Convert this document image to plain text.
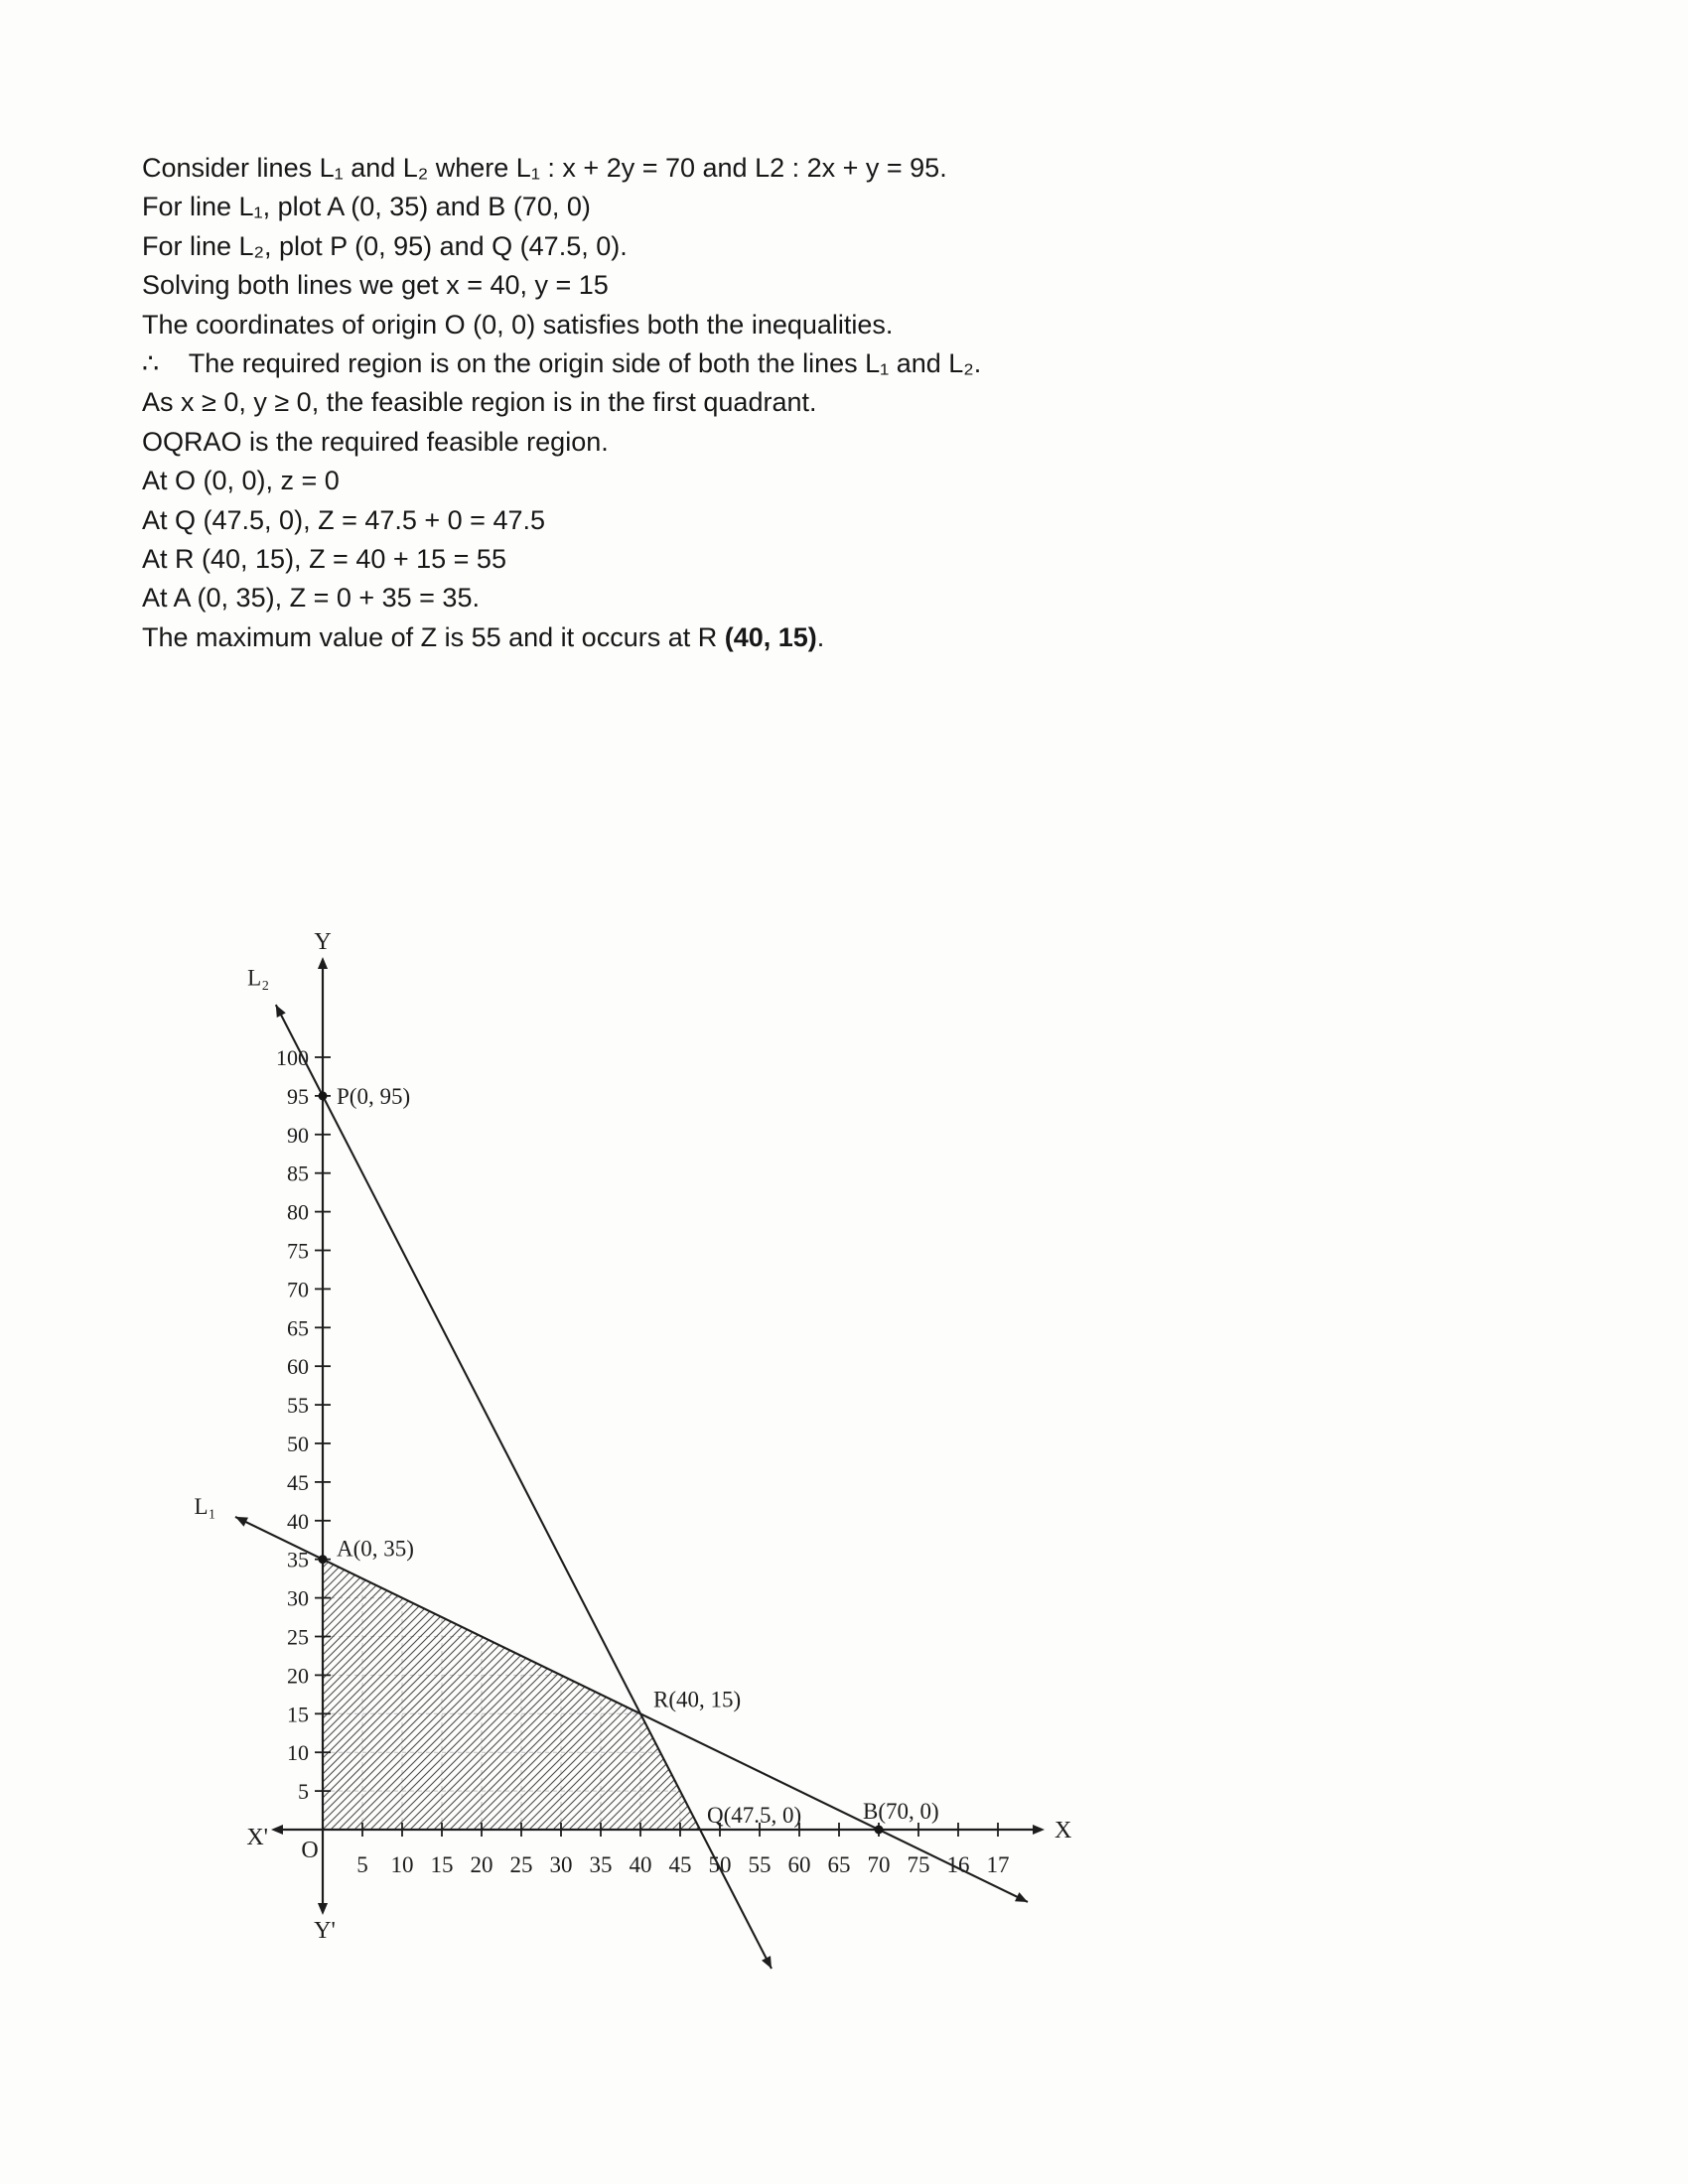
Consider lines L₁ and L₂ where L₁ : x + 2y = 70 and L2 : 2x + y = 95.
For line L₁, plot A (0, 35) and B (70, 0)
For line L₂, plot P (0, 95) and Q (47.5, 0).
Solving both lines we get x = 40, y = 15
The coordinates of origin O (0, 0) satisfies both the inequalities.
∴    The required region is on the origin side of both the lines L₁ and L₂.
As x ≥ 0, y ≥ 0, the feasible region is in the first quadrant.
OQRAO is the required feasible region.
At O (0, 0), z = 0
At Q (47.5, 0), Z = 47.5 + 0 = 47.5
At R (40, 15), Z = 40 + 15 = 55
At A (0, 35), Z = 0 + 35 = 35.
The maximum value of Z is 55 and it occurs at R (40, 15).
5
10
15
20
25
30
35
40
45
50
55
60
65
70
75
80
85
90
95
100
5 10 15 20 25 30 35 40 45 50 55 60 65 70 75 16 17
L₁
L₂
P(0, 95)
A(0, 35)
R(40, 15)
Q(47.5, 0)	B(70, 0)
Y
Y'
X
X' O
